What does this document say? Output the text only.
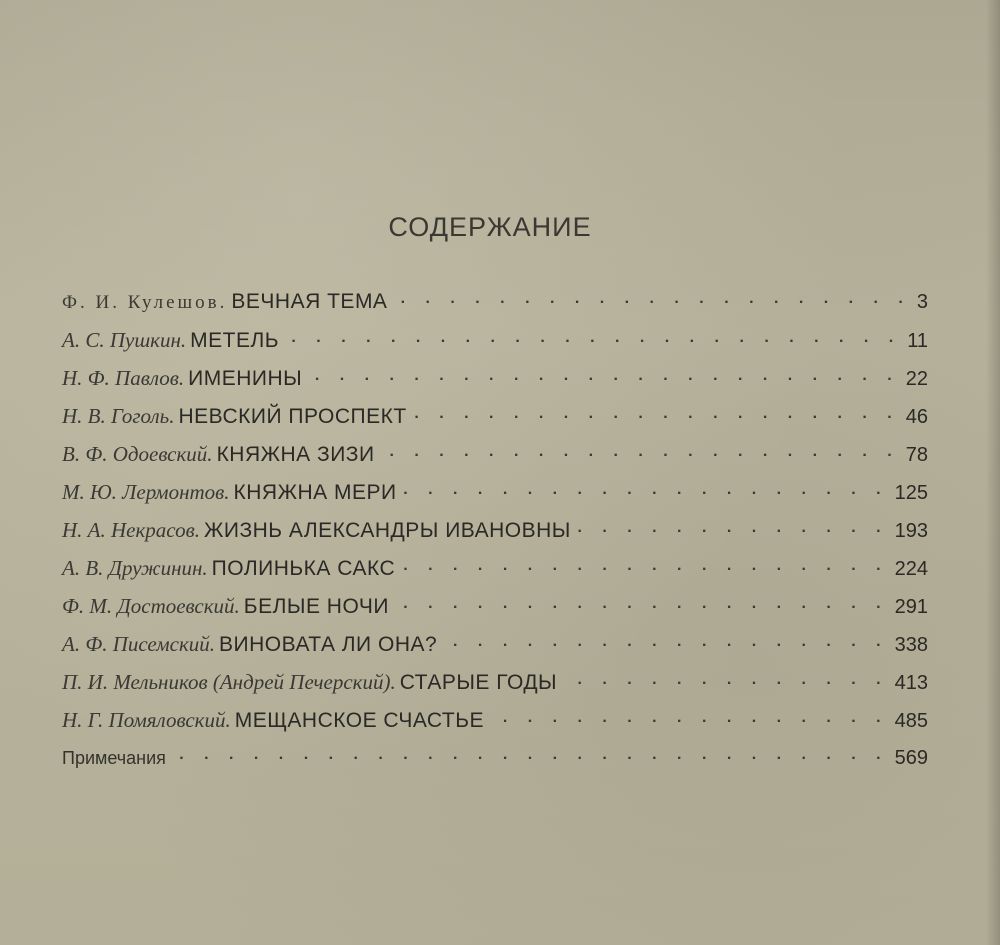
СОДЕРЖАНИЕ
Ф. И. Кулешов. ВЕЧНАЯ ТЕМА . . .	3
А. С. Пушкин. МЕТЕЛЬ . . .	11
Н. Ф. Павлов. ИМЕНИНЫ . . .	22
Н. В. Гоголь. НЕВСКИЙ ПРОСПЕКТ . . .	46
В. Ф. Одоевский. КНЯЖНА ЗИЗИ . . .	78
М. Ю. Лермонтов. КНЯЖНА МЕРИ . . .	125
Н. А. Некрасов. ЖИЗНЬ АЛЕКСАНДРЫ ИВАНОВНЫ . . .	193
А. В. Дружинин. ПОЛИНЬКА САКС . . .	224
Ф. М. Достоевский. БЕЛЫЕ НОЧИ . . .	291
А. Ф. Писемский. ВИНОВАТА ЛИ ОНА? . . .	338
П. И. Мельников (Андрей Печерский). СТАРЫЕ ГОДЫ . . .	413
Н. Г. Помяловский. МЕЩАНСКОЕ СЧАСТЬЕ . . .	485
Примечания . . .	569
